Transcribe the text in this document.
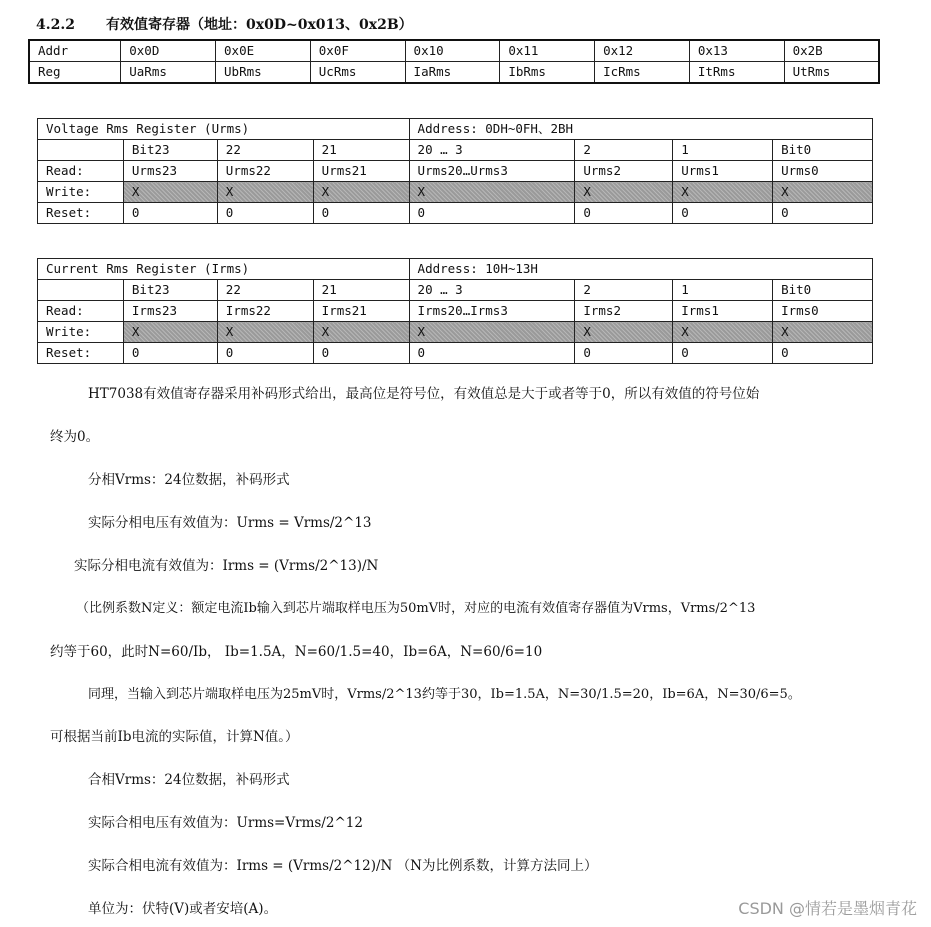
4.2.2 有效值寄存器（地址：0x0D~0x013、0x2B）
Addr	0x0D	0x0E	0x0F	0x10	0x11	0x12	0x13	0x2B
Reg	UaRms	UbRms	UcRms	IaRms	IbRms	IcRms	ItRms	UtRms
Voltage Rms Register (Urms)				Address: 0DH~0FH、2BH			
	Bit23	22	21	20 … 3	2	1	Bit0
Read:	Urms23	Urms22	Urms21	Urms20…Urms3	Urms2	Urms1	Urms0
Write:	X	X	X	X	X	X	X
Reset:	0	0	0	0	0	0	0
Current Rms Register (Irms)				Address: 10H~13H			
	Bit23	22	21	20 … 3	2	1	Bit0
Read:	Irms23	Irms22	Irms21	Irms20…Irms3	Irms2	Irms1	Irms0
Write:	X	X	X	X	X	X	X
Reset:	0	0	0	0	0	0	0
HT7038有效值寄存器采用补码形式给出，最高位是符号位，有效值总是大于或者等于0，所以有效值的符号位始
终为0。
分相Vrms：24位数据，补码形式
实际分相电压有效值为：Urms = Vrms/2^13
实际分相电流有效值为：Irms = (Vrms/2^13)/N
（比例系数N定义：额定电流Ib输入到芯片端取样电压为50mV时，对应的电流有效值寄存器值为Vrms，Vrms/2^13
约等于60，此时N=60/Ib， Ib=1.5A，N=60/1.5=40，Ib=6A，N=60/6=10
同理，当输入到芯片端取样电压为25mV时，Vrms/2^13约等于30，Ib=1.5A，N=30/1.5=20，Ib=6A，N=30/6=5。
可根据当前Ib电流的实际值，计算N值。）
合相Vrms：24位数据，补码形式
实际合相电压有效值为：Urms=Vrms/2^12
实际合相电流有效值为：Irms = (Vrms/2^12)/N （N为比例系数，计算方法同上）
单位为：伏特(V)或者安培(A)。	CSDN @情若是墨烟青花
